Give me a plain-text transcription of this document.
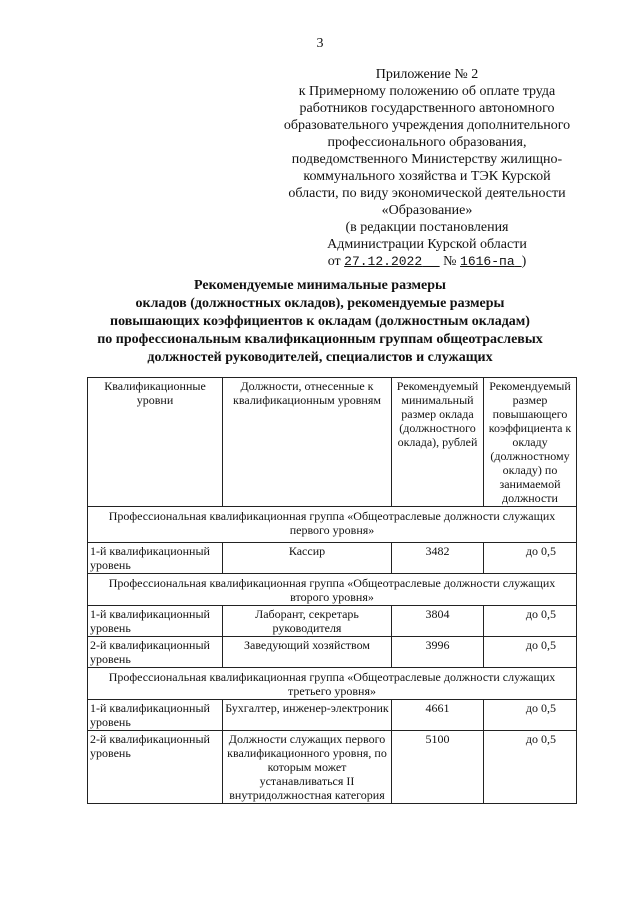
3
Приложение № 2
к Примерному положению об оплате труда
работников государственного автономного
образовательного учреждения дополнительного
профессионального образования,
подведомственного Министерству жилищно-
коммунального хозяйства и ТЭК Курской
области, по виду экономической деятельности
«Образование»
(в редакции постановления
Администрации Курской области
от 27.12.2022 № 1616-па )
Рекомендуемые минимальные размеры
окладов (должностных окладов), рекомендуемые размеры
повышающих коэффициентов к окладам (должностным окладам)
по профессиональным квалификационным группам общеотраслевых
должностей руководителей, специалистов и служащих
Квалификационные уровни	Должности, отнесенные к квалификационным уровням	Рекомендуемый минимальный размер оклада (должностного оклада), рублей	Рекомендуемый размер повышающего коэффициента к окладу (должностному окладу) по занимаемой должности
Профессиональная квалификационная группа «Общеотраслевые должности служащих первого уровня»			
1-й квалификационный уровень	Кассир	3482	до 0,5
Профессиональная квалификационная группа «Общеотраслевые должности служащих второго уровня»			
1-й квалификационный уровень	Лаборант, секретарь руководителя	3804	до 0,5
2-й квалификационный уровень	Заведующий хозяйством	3996	до 0,5
Профессиональная квалификационная группа «Общеотраслевые должности служащих третьего уровня»			
1-й квалификационный уровень	Бухгалтер, инженер-электроник	4661	до 0,5
2-й квалификационный уровень	Должности служащих первого квалификационного уровня, по которым может устанавливаться II внутридолжностная категория	5100	до 0,5
